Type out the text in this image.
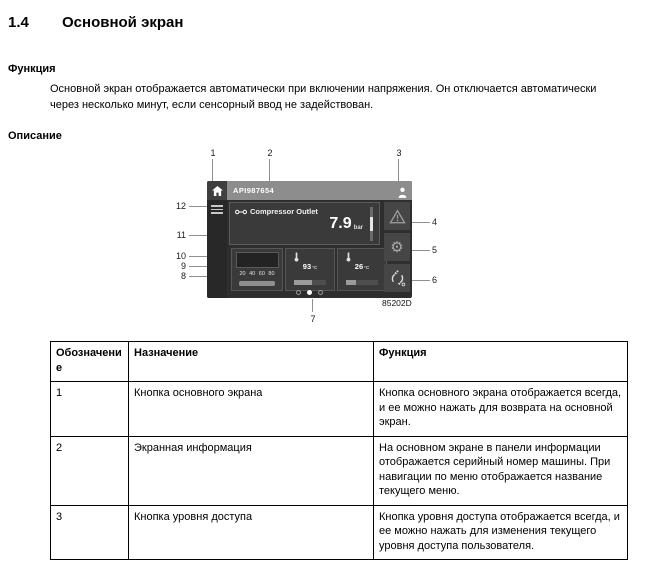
1.4 Основной экран
Функция
Основной экран отображается автоматически при включении напряжения. Он отключается автоматически через несколько минут, если сенсорный ввод не задействован.
Описание
1	2	3
4
5
6
7
8
9
10
11
12
API987654
Compressor Outlet
7.9 bar
20 40 60 80
93°C	26°C
⚙
85202D
Обозначение	Назначение	Функция
1	Кнопка основного экрана	Кнопка основного экрана отображается всегда, и ее можно нажать для возврата на основной экран.
2	Экранная информация	На основном экране в панели информации отображается серийный номер машины. При навигации по меню отображается название текущего меню.
3	Кнопка уровня доступа	Кнопка уровня доступа отображается всегда, и ее можно нажать для изменения текущего уровня доступа пользователя.
